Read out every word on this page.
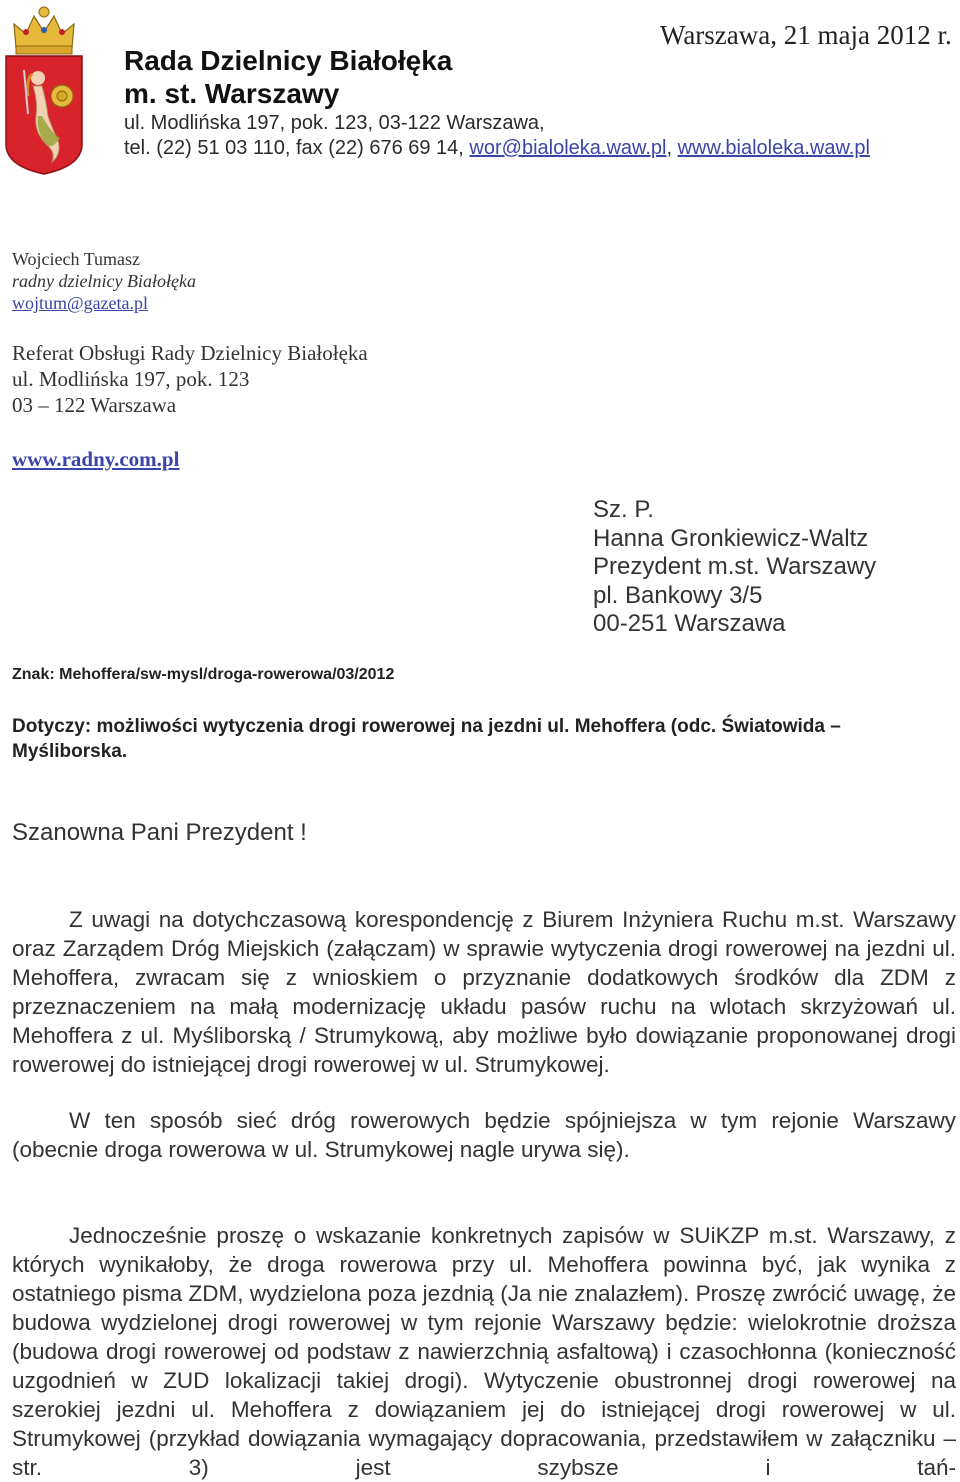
Rada Dzielnicy Białołęka
m. st. Warszawy
ul. Modlińska 197, pok. 123, 03-122 Warszawa,
tel. (22) 51 03 110, fax (22) 676 69 14, wor@bialoleka.waw.pl, www.bialoleka.waw.pl
Warszawa, 21 maja 2012 r.
Wojciech Tumasz
radny dzielnicy Białołęka
wojtum@gazeta.pl
Referat Obsługi Rady Dzielnicy Białołęka
ul. Modlińska 197, pok. 123
03 – 122 Warszawa
www.radny.com.pl
Sz. P.
Hanna Gronkiewicz-Waltz
Prezydent m.st. Warszawy
pl. Bankowy 3/5
00-251 Warszawa
Znak: Mehoffera/sw-mysl/droga-rowerowa/03/2012
Dotyczy: możliwości wytyczenia drogi rowerowej na jezdni ul. Mehoffera (odc. Światowida – Myśliborska.
Szanowna Pani Prezydent !
Z uwagi na dotychczasową korespondencję z Biurem Inżyniera Ruchu m.st. Warszawy oraz Zarządem Dróg Miejskich (załączam) w sprawie wytyczenia drogi rowerowej na jezdni ul. Mehoffera, zwracam się z wnioskiem o przyznanie dodatkowych środków dla ZDM z przeznaczeniem na małą modernizację układu pasów ruchu na wlotach skrzyżowań ul. Mehoffera z ul. Myśliborską / Strumykową, aby możliwe było dowiązanie proponowanej drogi rowerowej do istniejącej drogi rowerowej w ul. Strumykowej.
W ten sposób sieć dróg rowerowych będzie spójniejsza w tym rejonie Warszawy (obecnie droga rowerowa w ul. Strumykowej nagle urywa się).
Jednocześnie proszę o wskazanie konkretnych zapisów w SUiKZP m.st. Warszawy, z których wynikałoby, że droga rowerowa przy ul. Mehoffera powinna być, jak wynika z ostatniego pisma ZDM, wydzielona poza jezdnią (Ja nie znalazłem). Proszę zwrócić uwagę, że budowa wydzielonej drogi rowerowej w tym rejonie Warszawy będzie: wielokrotnie droższa (budowa drogi rowerowej od podstaw z nawierzchnią asfaltową) i czasochłonna (konieczność uzgodnień w ZUD lokalizacji takiej drogi). Wytyczenie obustronnej drogi rowerowej na szerokiej jezdni ul. Mehoffera z dowiązaniem jej do istniejącej drogi rowerowej w ul. Strumykowej (przykład dowiązania wymagający dopracowania, przedstawiłem w załączniku – str. 3) jest szybsze i tań-
